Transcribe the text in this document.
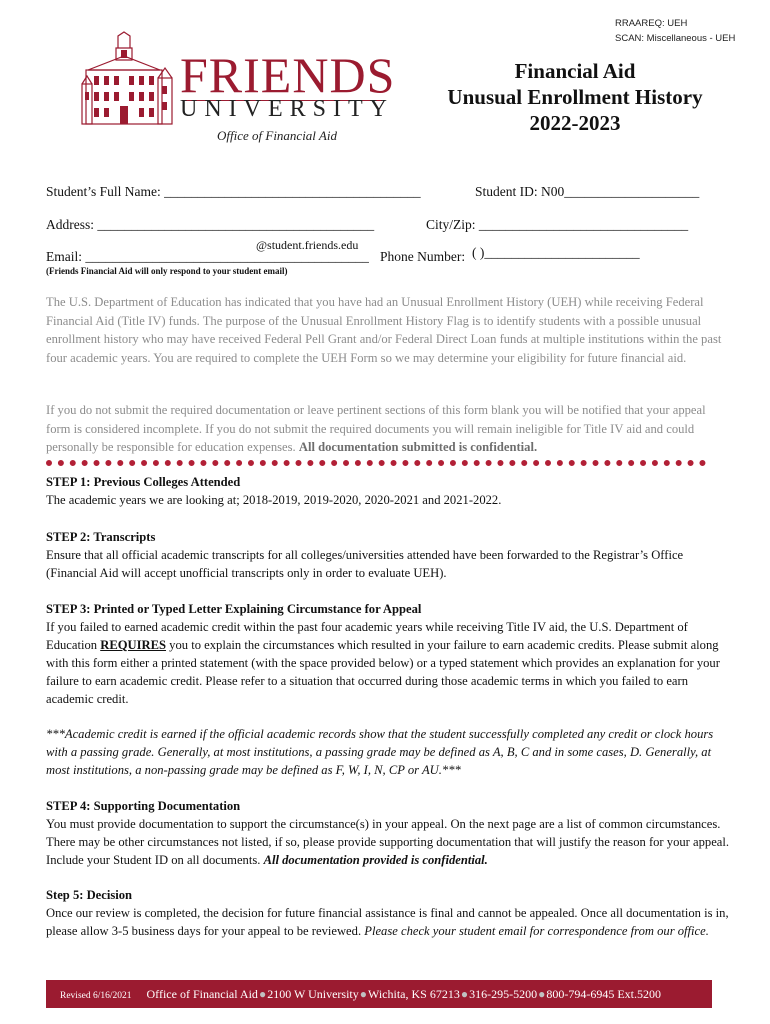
RRAAREQ: UEH
SCAN: Miscellaneous - UEH
FRIENDS
UNIVERSITY
Office of Financial Aid
Financial Aid
Unusual Enrollment History
2022-2023
Student’s Full Name: ______________________________________	Student ID: N00____________________
Address: _________________________________________	City/Zip: _______________________________
@student.friends.edu
Email: __________________________________________ Phone Number: ( )_______________________
(Friends Financial Aid will only respond to your student email)
The U.S. Department of Education has indicated that you have had an Unusual Enrollment History (UEH) while receiving Federal Financial Aid (Title IV) funds. The purpose of the Unusual Enrollment History Flag is to identify students with a possible unusual enrollment history who may have received Federal Pell Grant and/or Federal Direct Loan funds at multiple institutions within the past four academic years. You are required to complete the UEH Form so we may determine your eligibility for future financial aid.
If you do not submit the required documentation or leave pertinent sections of this form blank you will be notified that your appeal form is considered incomplete. If you do not submit the required documents you will remain ineligible for Title IV aid and could personally be responsible for education expenses. All documentation submitted is confidential.
STEP 1: Previous Colleges Attended

The academic years we are looking at; 2018-2019, 2019-2020, 2020-2021 and 2021-2022.

STEP 2: Transcripts

Ensure that all official academic transcripts for all colleges/universities attended have been forwarded to the Registrar’s Office (Financial Aid will accept unofficial transcripts only in order to evaluate UEH).

STEP 3: Printed or Typed Letter Explaining Circumstance for Appeal

If you failed to earned academic credit within the past four academic years while receiving Title IV aid, the U.S. Department of Education REQUIRES you to explain the circumstances which resulted in your failure to earn academic credits. Please submit along with this form either a printed statement (with the space provided below) or a typed statement which provides an explanation for your failure to earn academic credit. Please refer to a situation that occurred during those academic terms in which you failed to earn academic credit.

***Academic credit is earned if the official academic records show that the student successfully completed any credit or clock hours with a passing grade. Generally, at most institutions, a passing grade may be defined as A, B, C and in some cases, D. Generally, at most institutions, a non-passing grade may be defined as F, W, I, N, CP or AU.***

STEP 4: Supporting Documentation

You must provide documentation to support the circumstance(s) in your appeal. On the next page are a list of common circumstances. There may be other circumstances not listed, if so, please provide supporting documentation that will justify the reason for your appeal. Include your Student ID on all documents. All documentation provided is confidential.

Step 5: Decision

Once our review is completed, the decision for future financial assistance is final and cannot be appealed. Once all documentation is in, please allow 3-5 business days for your appeal to be reviewed. Please check your student email for correspondence from our office.

Revised 6/16/2021 Office of Financial Aid●2100 W University●Wichita, KS 67213●316-295-5200●800-794-6945 Ext.5200
